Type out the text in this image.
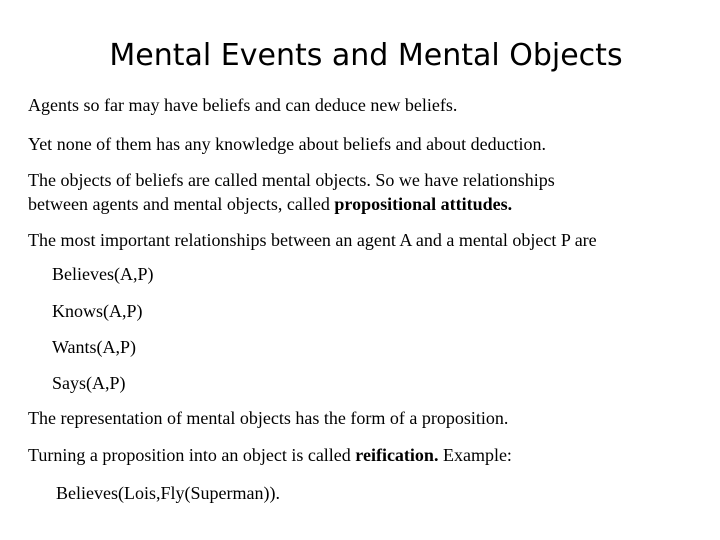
Mental Events and Mental Objects
Agents so far may have beliefs and can deduce new beliefs.
Yet none of them has any knowledge about beliefs and about deduction.
The objects of beliefs are called mental objects. So we have relationships
between agents and mental objects, called propositional attitudes.
The most important relationships between an agent A and a mental object P are
Believes(A,P)
Knows(A,P)
Wants(A,P)
Says(A,P)
The representation of mental objects has the form of a proposition.
Turning a proposition into an object is called reification. Example:
Believes(Lois,Fly(Superman)).
